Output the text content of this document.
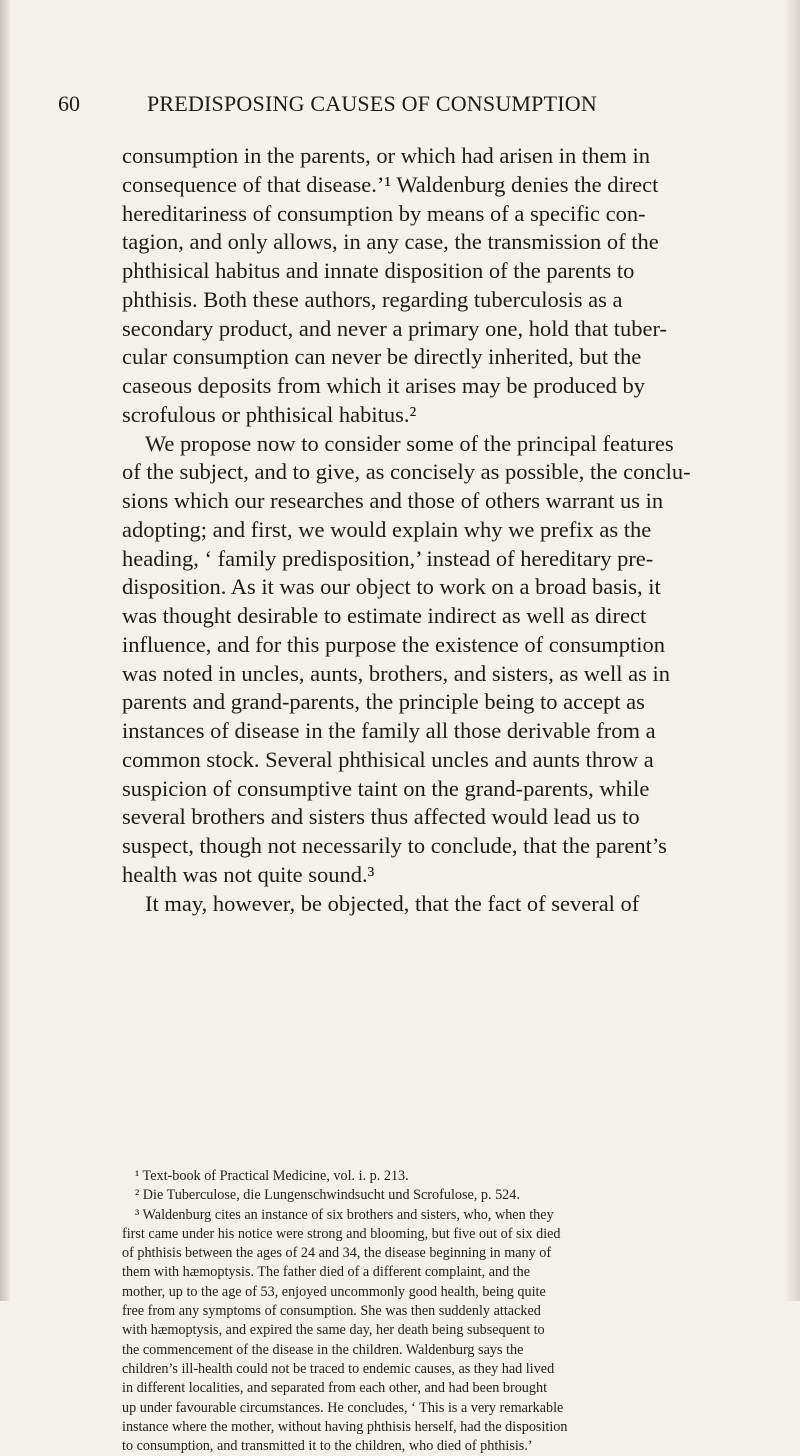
60	PREDISPOSING CAUSES OF CONSUMPTION
consumption in the parents, or which had arisen in them in
consequence of that disease.’¹ Waldenburg denies the direct
hereditariness of consumption by means of a specific con-
tagion, and only allows, in any case, the transmission of the
phthisical habitus and innate disposition of the parents to
phthisis. Both these authors, regarding tuberculosis as a
secondary product, and never a primary one, hold that tuber-
cular consumption can never be directly inherited, but the
caseous deposits from which it arises may be produced by
scrofulous or phthisical habitus.²
We propose now to consider some of the principal features
of the subject, and to give, as concisely as possible, the conclu-
sions which our researches and those of others warrant us in
adopting; and first, we would explain why we prefix as the
heading, ‘ family predisposition,’ instead of hereditary pre-
disposition. As it was our object to work on a broad basis, it
was thought desirable to estimate indirect as well as direct
influence, and for this purpose the existence of consumption
was noted in uncles, aunts, brothers, and sisters, as well as in
parents and grand-parents, the principle being to accept as
instances of disease in the family all those derivable from a
common stock. Several phthisical uncles and aunts throw a
suspicion of consumptive taint on the grand-parents, while
several brothers and sisters thus affected would lead us to
suspect, though not necessarily to conclude, that the parent’s
health was not quite sound.³
It may, however, be objected, that the fact of several of
¹ Text-book of Practical Medicine, vol. i. p. 213.
² Die Tuberculose, die Lungenschwindsucht und Scrofulose, p. 524.
³ Waldenburg cites an instance of six brothers and sisters, who, when they
first came under his notice were strong and blooming, but five out of six died
of phthisis between the ages of 24 and 34, the disease beginning in many of
them with hæmoptysis. The father died of a different complaint, and the
mother, up to the age of 53, enjoyed uncommonly good health, being quite
free from any symptoms of consumption. She was then suddenly attacked
with hæmoptysis, and expired the same day, her death being subsequent to
the commencement of the disease in the children. Waldenburg says the
children’s ill-health could not be traced to endemic causes, as they had lived
in different localities, and separated from each other, and had been brought
up under favourable circumstances. He concludes, ‘ This is a very remarkable
instance where the mother, without having phthisis herself, had the disposition
to consumption, and transmitted it to the children, who died of phthisis.’
